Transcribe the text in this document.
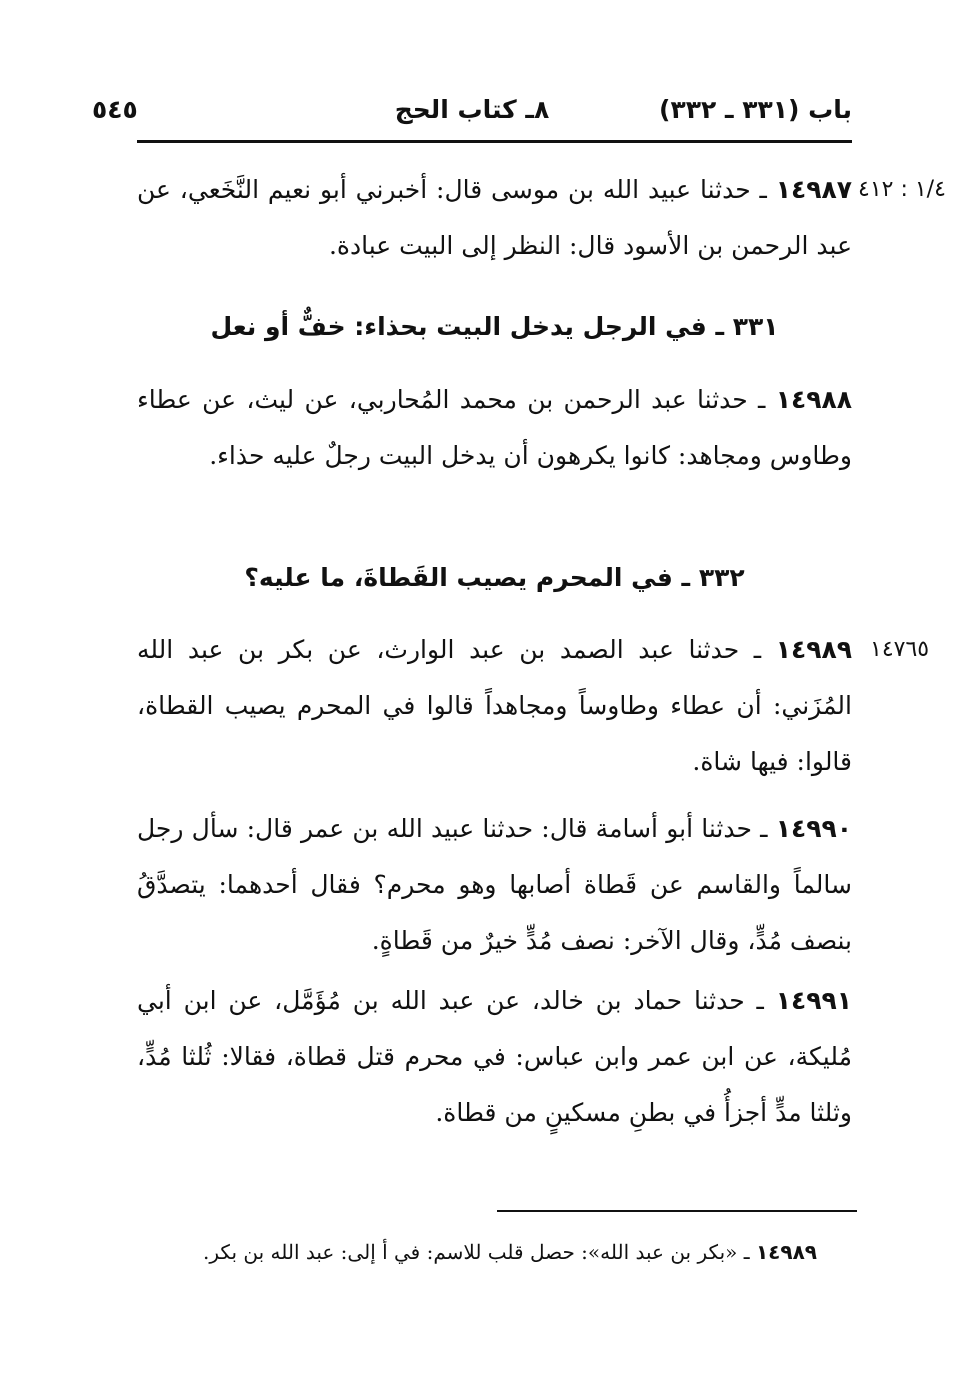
باب (٣٣١ ـ ٣٣٢)
٨ـ كتاب الحج
٥٤٥
١/٤ : ٤١٢
١٤٩٨٧ ـ حدثنا عبيد الله بن موسى قال: أخبرني أبو نعيم النَّخَعي، عن عبد الرحمن بن الأسود قال: النظر إلى البيت عبادة.
٣٣١ ـ في الرجل يدخل البيت بحذاء: خفٌّ أو نعل
١٤٩٨٨ ـ حدثنا عبد الرحمن بن محمد المُحاربي، عن ليث، عن عطاء وطاوس ومجاهد: كانوا يكرهون أن يدخل البيت رجلٌ عليه حذاء.
٣٣٢ ـ في المحرم يصيب القَطاةَ، ما عليه؟
١٤٧٦٥
١٤٩٨٩ ـ حدثنا عبد الصمد بن عبد الوارث، عن بكر بن عبد الله المُزَني: أن عطاء وطاوساً ومجاهداً قالوا في المحرم يصيب القطاة، قالوا: فيها شاة.
١٤٩٩٠ ـ حدثنا أبو أسامة قال: حدثنا عبيد الله بن عمر قال: سأل رجل سالماً والقاسم عن قَطاة أصابها وهو محرم؟ فقال أحدهما: يتصدَّقُ بنصف مُدٍّ، وقال الآخر: نصف مُدٍّ خيرٌ من قَطاةٍ.
١٤٩٩١ ـ حدثنا حماد بن خالد، عن عبد الله بن مُؤَمَّل، عن ابن أبي مُليكة، عن ابن عمر وابن عباس: في محرم قتل قطاة، فقالا: ثُلثا مُدٍّ، وثلثا مدٍّ أجزأُ في بطنِ مسكينٍ من قطاة.
١٤٩٨٩ ـ «بكر بن عبد الله»: حصل قلب للاسم: في أ إلى: عبد الله بن بكر.
